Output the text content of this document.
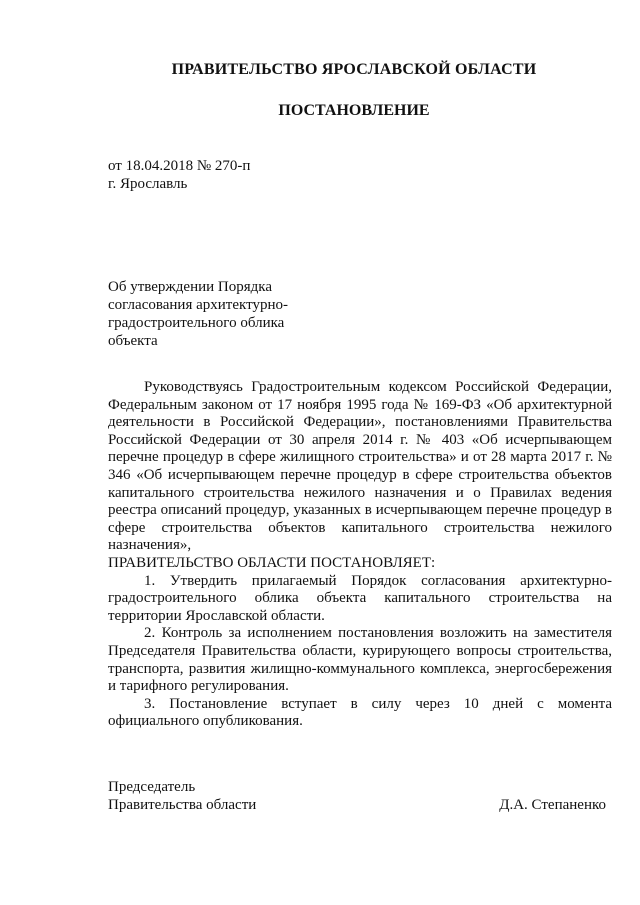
ПРАВИТЕЛЬСТВО ЯРОСЛАВСКОЙ ОБЛАСТИ
ПОСТАНОВЛЕНИЕ
от 18.04.2018 № 270-п
г. Ярославль
Об утверждении Порядка
согласования архитектурно-
градостроительного облика
объекта

Руководствуясь Градостроительным кодексом Российской Федерации, Федеральным законом от 17 ноября 1995 года № 169-ФЗ «Об архитектурной деятельности в Российской Федерации», постановлениями Правительства Российской Федерации от 30 апреля 2014 г. № 403 «Об исчерпывающем перечне процедур в сфере жилищного строительства» и от 28 марта 2017 г. № 346 «Об исчерпывающем перечне процедур в сфере строительства объектов капитального строительства нежилого назначения и о Правилах ведения реестра описаний процедур, указанных в исчерпывающем перечне процедур в сфере строительства объектов капитального строительства нежилого назначения»,

ПРАВИТЕЛЬСТВО ОБЛАСТИ ПОСТАНОВЛЯЕТ:

1. Утвердить прилагаемый Порядок согласования архитектурно-градостроительного облика объекта капитального строительства на территории Ярославской области.

2. Контроль за исполнением постановления возложить на заместителя Председателя Правительства области, курирующего вопросы строительства, транспорта, развития жилищно-коммунального комплекса, энергосбережения и тарифного регулирования.

3. Постановление вступает в силу через 10 дней с момента официального опубликования.

Председатель
Правительства области	Д.А. Степаненко
